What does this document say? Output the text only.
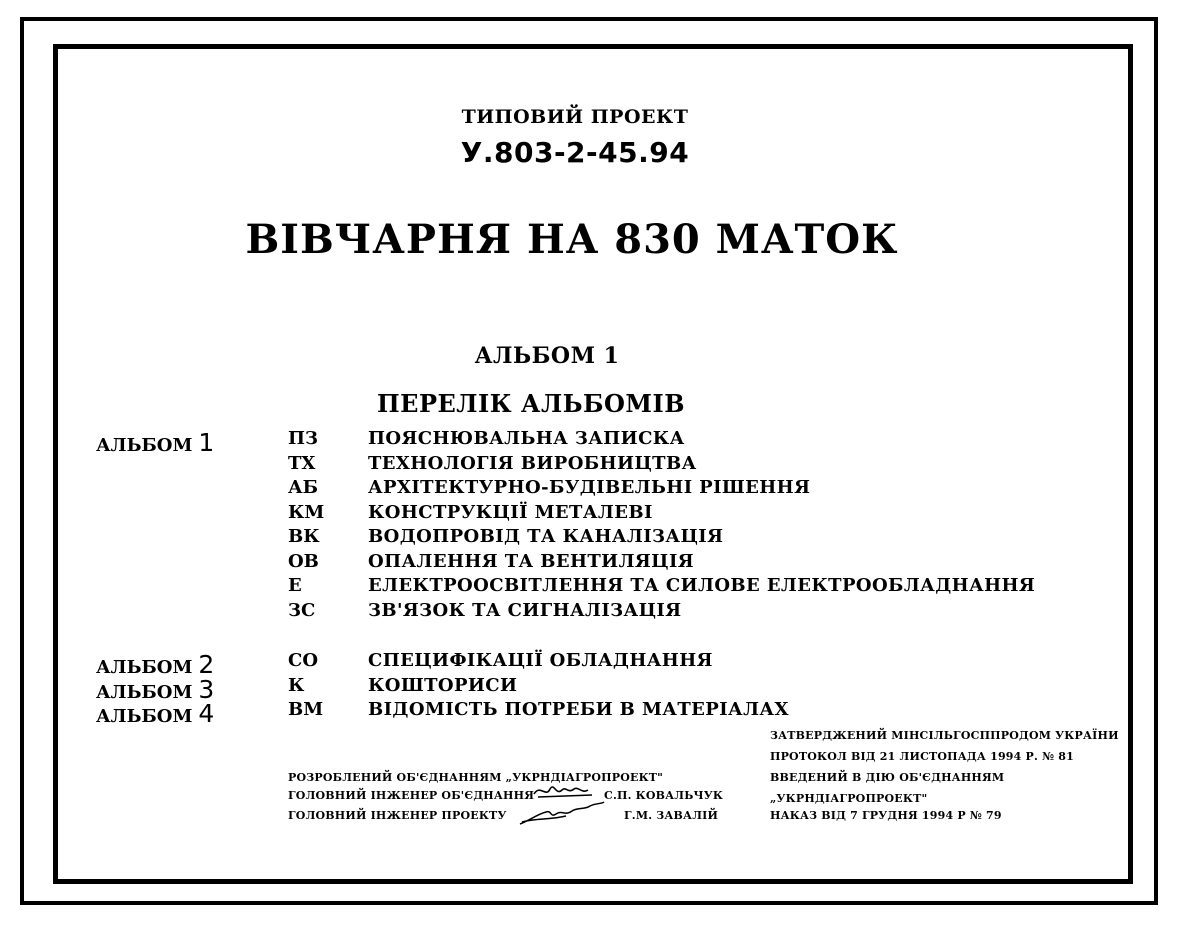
ТИПОВИЙ ПРОЕКТ
У.803-2-45.94
ВІВЧАРНЯ НА 830 МАТОК
АЛЬБОМ 1
ПЕРЕЛІК АЛЬБОМІВ
АЛЬБОМ 1	ПЗ	ПОЯСНЮВАЛЬНА ЗАПИСКА
ТХ	ТЕХНОЛОГІЯ ВИРОБНИЦТВА
АБ	АРХІТЕКТУРНО-БУДІВЕЛЬНІ РІШЕННЯ
КМ КОНСТРУКЦІЇ МЕТАЛЕВІ
ВК	ВОДОПРОВІД ТА КАНАЛІЗАЦІЯ
ОВ	ОПАЛЕННЯ ТА ВЕНТИЛЯЦІЯ
Е	ЕЛЕКТРООСВІТЛЕННЯ ТА СИЛОВЕ ЕЛЕКТРООБЛАДНАННЯ
ЗС	ЗВ'ЯЗОК ТА СИГНАЛІЗАЦІЯ
АЛЬБОМ 2	СО	СПЕЦИФІКАЦІЇ ОБЛАДНАННЯ
АЛЬБОМ 3	К	КОШТОРИСИ
АЛЬБОМ 4	ВМ ВІДОМІСТЬ ПОТРЕБИ В МАТЕРІАЛАХ
ЗАТВЕРДЖЕНИЙ МІНСІЛЬГОСППРОДОМ УКРАЇНИ
ПРОТОКОЛ ВІД 21 ЛИСТОПАДА 1994 Р. № 81
ВВЕДЕНИЙ В ДІЮ ОБ'ЄДНАННЯМ
„УКРНДІАГРОПРОЕКТ"
НАКАЗ ВІД 7 ГРУДНЯ 1994 Р № 79
РОЗРОБЛЕНИЙ ОБ'ЄДНАННЯМ „УКРНДІАГРОПРОЕКТ"
ГОЛОВНИЙ ІНЖЕНЕР ОБ'ЄДНАННЯ	С.П. КОВАЛЬЧУК
ГОЛОВНИЙ ІНЖЕНЕР ПРОЕКТУ	Г.М. ЗАВАЛІЙ
